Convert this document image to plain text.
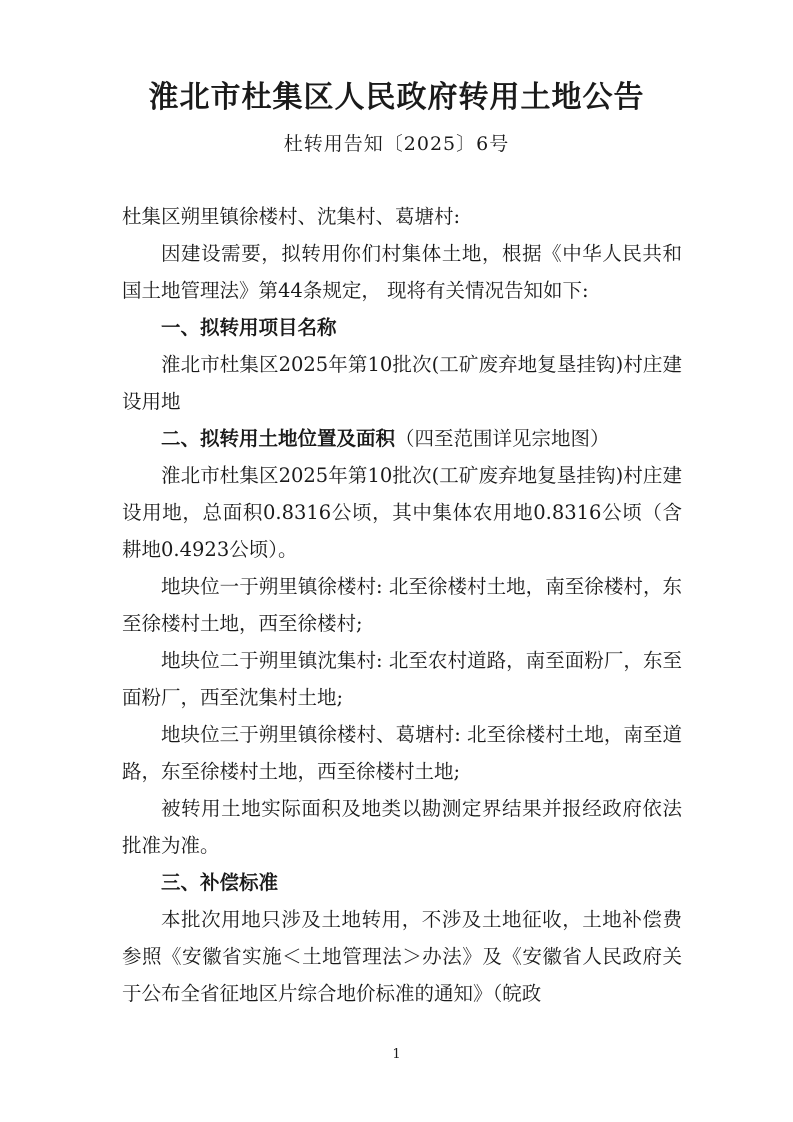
淮北市杜集区人民政府转用土地公告
杜转用告知〔2025〕6号

杜集区朔里镇徐楼村、沈集村、葛塘村:

因建设需要，拟转用你们村集体土地，根据《中华人民共和国土地管理法》第44条规定， 现将有关情况告知如下:

一、拟转用项目名称

淮北市杜集区2025年第10批次(工矿废弃地复垦挂钩)村庄建设用地

二、拟转用土地位置及面积（四至范围详见宗地图）

淮北市杜集区2025年第10批次(工矿废弃地复垦挂钩)村庄建设用地，总面积0.8316公顷，其中集体农用地0.8316公顷（含耕地0.4923公顷）。

地块位一于朔里镇徐楼村: 北至徐楼村土地，南至徐楼村，东至徐楼村土地，西至徐楼村;

地块位二于朔里镇沈集村: 北至农村道路，南至面粉厂，东至面粉厂，西至沈集村土地;

地块位三于朔里镇徐楼村、葛塘村: 北至徐楼村土地，南至道路，东至徐楼村土地，西至徐楼村土地;

被转用土地实际面积及地类以勘测定界结果并报经政府依法批准为准。

三、补偿标准

本批次用地只涉及土地转用，不涉及土地征收，土地补偿费参照《安徽省实施＜土地管理法＞办法》及《安徽省人民政府关于公布全省征地区片综合地价标准的通知》（皖政

1
